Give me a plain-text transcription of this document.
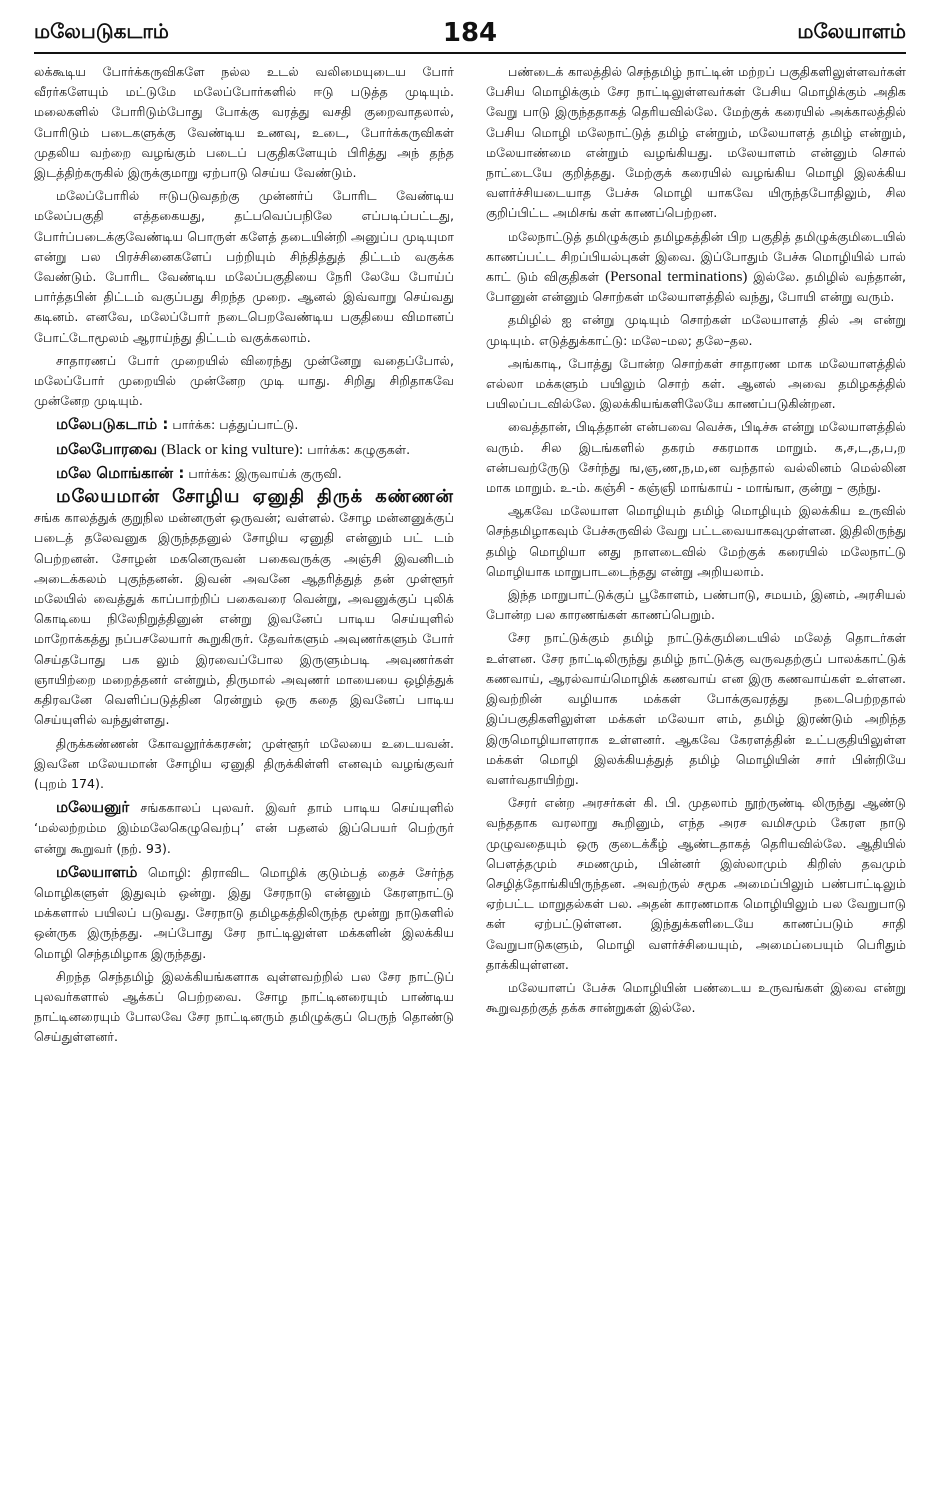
மலேபடுகடாம்	184	மலேயாளம்

லக்கூடிய போர்க்கருவிகளே நல்ல உடல் வலிமையுடைய போர் வீரர்களேயும் மட்டுமே மலேப்போர்களில் ஈடு படுத்த முடியும். மலைகளில் போரிடும்போது போக்கு வரத்து வசதி குறைவாதலால், போரிடும் படைகளுக்கு வேண்டிய உணவு, உடை, போர்க்கருவிகள் முதலிய வற்றை வழங்கும் படைப் பகுதிகளேயும் பிரித்து அந் தந்த இடத்திற்கருகில் இருக்குமாறு ஏற்பாடு செய்ய வேண்டும்.

மலேப்போரில் ஈடுபடுவதற்கு முன்னர்ப் போரிட வேண்டிய மலேப்பகுதி எத்தகையது, தட்பவெப்பநிலே எப்படிப்பட்டது, போர்ப்படைக்குவேண்டிய பொருள் களேத் தடையின்றி அனுப்ப முடியுமா என்று பல பிரச்சினைகளேப் பற்றியும் சிந்தித்துத் திட்டம் வகுக்க வேண்டும். போரிட வேண்டிய மலேப்பகுதியை நேரி லேயே போய்ப் பார்த்தபின் திட்டம் வகுப்பது சிறந்த முறை. ஆனல் இவ்வாறு செய்வது கடினம். எனவே, மலேப்போர் நடைபெறவேண்டிய பகுதியை விமானப் போட்டோமூலம் ஆராய்ந்து திட்டம் வகுக்கலாம்.

சாதாரணப் போர் முறையில் விரைந்து முன்னேறு வதைப்போல், மலேப்போர் முறையில் முன்னேற முடி யாது. சிறிது சிறிதாகவே முன்னேற முடியும்.

மலேபடுகடாம் : பார்க்க: பத்துப்பாட்டு.

மலேபோரவை (Black or king vulture): பார்க்க: கழுகுகள்.

மலே மொங்கான் : பார்க்க: இருவாய்க் குருவி.

மலேயமான் சோழிய ஏனுதி திருக் கண்ணன் சங்க காலத்துக் குறுநில மன்னருள் ஒருவன்; வள்ளல். சோழ மன்னனுக்குப் படைத் தலேவனுக இருந்ததனுல் சோழிய ஏனுதி என்னும் பட் டம் பெற்றனன். சோழன் மகனெருவன் பகைவருக்கு அஞ்சி இவனிடம் அடைக்கலம் புகுந்தனன். இவன் அவனே ஆதரித்துத் தன் முள்ளூர் மலேயில் வைத்துக் காப்பாற்றிப் பகைவரை வென்று, அவனுக்குப் புலிக் கொடியை நிலேநிறுத்தினுன் என்று இவனேப் பாடிய செய்யுளில் மாறோக்கத்து நப்பசலேயார் கூறுகிருர். தேவர்களும் அவுணர்களும் போர் செய்தபோது பக லும் இரவைப்போல இருளும்படி அவுணர்கள் ஞாயிற்றை மறைத்தனர் என்றும், திருமால் அவுணர் மாயையை ஒழித்துக் கதிரவனே வெளிப்படுத்தின ரென்றும் ஒரு கதை இவனேப் பாடிய செய்யுளில் வந்துள்ளது.

திருக்கண்ணன் கோவலூர்க்கரசன்; முள்ளூர் மலேயை உடையவன். இவனே மலேயமான் சோழிய ஏனுதி திருக்கிள்ளி எனவும் வழங்குவர் (புறம் 174).

மலேயனுர் சங்ககாலப் புலவர். இவர் தாம் பாடிய செய்யுளில் ‘மல்லற்றம்ம இம்மலேகெழுவெற்பு’ என் பதனல் இப்பெயர் பெற்ருர் என்று கூறுவர் (நற். 93).

மலேயாளம் மொழி: திராவிட மொழிக் குடும்பத் தைச் சேர்ந்த மொழிகளுள் இதுவும் ஒன்று. இது சேரநாடு என்னும் கேரளநாட்டு மக்களால் பயிலப் படுவது. சேரநாடு தமிழகத்திலிருந்த மூன்று நாடுகளில் ஒன்ருக இருந்தது. அப்போது சேர நாட்டிலுள்ள மக்களின் இலக்கிய மொழி செந்தமிழாக இருந்தது.

சிறந்த செந்தமிழ் இலக்கியங்களாக வுள்ளவற்றில் பல சேர நாட்டுப் புலவர்களால் ஆக்கப் பெற்றவை. சோழ நாட்டினரையும் பாண்டிய நாட்டினரையும் போலவே சேர நாட்டினரும் தமிழுக்குப் பெருந் தொண்டு செய்துள்ளனர்.

பண்டைக் காலத்தில் செந்தமிழ் நாட்டின் மற்றப் பகுதிகளிலுள்ளவர்கள் பேசிய மொழிக்கும் சேர நாட்டிலுள்ளவர்கள் பேசிய மொழிக்கும் அதிக வேறு பாடு இருந்ததாகத் தெரியவில்லே. மேற்குக் கரையில் அக்காலத்தில் பேசிய மொழி மலேநாட்டுத் தமிழ் என்றும், மலேயாளத் தமிழ் என்றும், மலேயாண்மை என்றும் வழங்கியது. மலேயாளம் என்னும் சொல் நாட்டையே குறித்தது. மேற்குக் கரையில் வழங்கிய மொழி இலக்கிய வளர்ச்சியடையாத பேச்சு மொழி யாகவே யிருந்தபோதிலும், சில குறிப்பிட்ட அமிசங் கள் காணப்பெற்றன.

மலேநாட்டுத் தமிழுக்கும் தமிழகத்தின் பிற பகுதித் தமிழுக்குமிடையில் காணப்பட்ட சிறப்பியல்புகள் இவை. இப்போதும் பேச்சு மொழியில் பால் காட் டும் விகுதிகள் (Personal terminations) இல்லே. தமிழில் வந்தான், போனுன் என்னும் சொற்கள் மலேயாளத்தில் வந்து, போயி என்று வரும்.

தமிழில் ஐ என்று முடியும் சொற்கள் மலேயாளத் தில் அ என்று முடியும். எடுத்துக்காட்டு: மலே–மல; தலே–தல.

அங்காடி, போத்து போன்ற சொற்கள் சாதாரண மாக மலேயாளத்தில் எல்லா மக்களும் பயிலும் சொற் கள். ஆனல் அவை தமிழகத்தில் பயிலப்படவில்லே. இலக்கியங்களிலேயே காணப்படுகின்றன.

வைத்தான், பிடித்தான் என்பவை வெச்சு, பிடிச்சு என்று மலேயாளத்தில் வரும். சில இடங்களில் தகரம் சகரமாக மாறும். க,ச,ட,த,ப,ற என்பவற்ருேடு சேர்ந்து ங,ஞ,ண,ந,ம,ன வந்தால் வல்லினம் மெல்லின மாக மாறும். உ-ம். கஞ்சி - கஞ்ஞி மாங்காய் - மாங்ஙா, குன்று – குந்நு.

ஆகவே மலேயாள மொழியும் தமிழ் மொழியும் இலக்கிய உருவில் செந்தமிழாகவும் பேச்சுருவில் வேறு பட்டவையாகவுமுள்ளன. இதிலிருந்து தமிழ் மொழியா னது நாளடைவில் மேற்குக் கரையில் மலேநாட்டு மொழியாக மாறுபாடடைந்தது என்று அறியலாம்.

இந்த மாறுபாட்டுக்குப் பூகோளம், பண்பாடு, சமயம், இனம், அரசியல் போன்ற பல காரணங்கள் காணப்பெறும்.

சேர நாட்டுக்கும் தமிழ் நாட்டுக்குமிடையில் மலேத் தொடர்கள் உள்ளன. சேர நாட்டிலிருந்து தமிழ் நாட்டுக்கு வருவதற்குப் பாலக்காட்டுக் கணவாய், ஆரல்வாய்மொழிக் கணவாய் என இரு கணவாய்கள் உள்ளன. இவற்றின் வழியாக மக்கள் போக்குவரத்து நடைபெற்றதால் இப்பகுதிகளிலுள்ள மக்கள் மலேயா ளம், தமிழ் இரண்டும் அறிந்த இருமொழியாளராக உள்ளனர். ஆகவே கேரளத்தின் உட்பகுதியிலுள்ள மக்கள் மொழி இலக்கியத்துத் தமிழ் மொழியின் சார் பின்றியே வளர்வதாயிற்று.

சேரர் என்ற அரசர்கள் கி. பி. முதலாம் நூற்ருண்டி லிருந்து ஆண்டு வந்ததாக வரலாறு கூறினும், எந்த அரச வமிசமும் கேரள நாடு முழுவதையும் ஒரு குடைக்கீழ் ஆண்டதாகத் தெரியவில்லே. ஆதியில் பௌத்தமும் சமணமும், பின்னர் இஸ்லாமும் கிறிஸ் தவமும் செழித்தோங்கியிருந்தன. அவற்ருல் சமூக அமைப்பிலும் பண்பாட்டிலும் ஏற்பட்ட மாறுதல்கள் பல. அதன் காரணமாக மொழியிலும் பல வேறுபாடு கள் ஏற்பட்டுள்ளன. இந்துக்களிடையே காணப்படும் சாதி வேறுபாடுகளும், மொழி வளர்ச்சியையும், அமைப்பையும் பெரிதும் தாக்கியுள்ளன.

மலேயாளப் பேச்சு மொழியின் பண்டைய உருவங்கள் இவை என்று கூறுவதற்குத் தக்க சான்றுகள் இல்லே.
